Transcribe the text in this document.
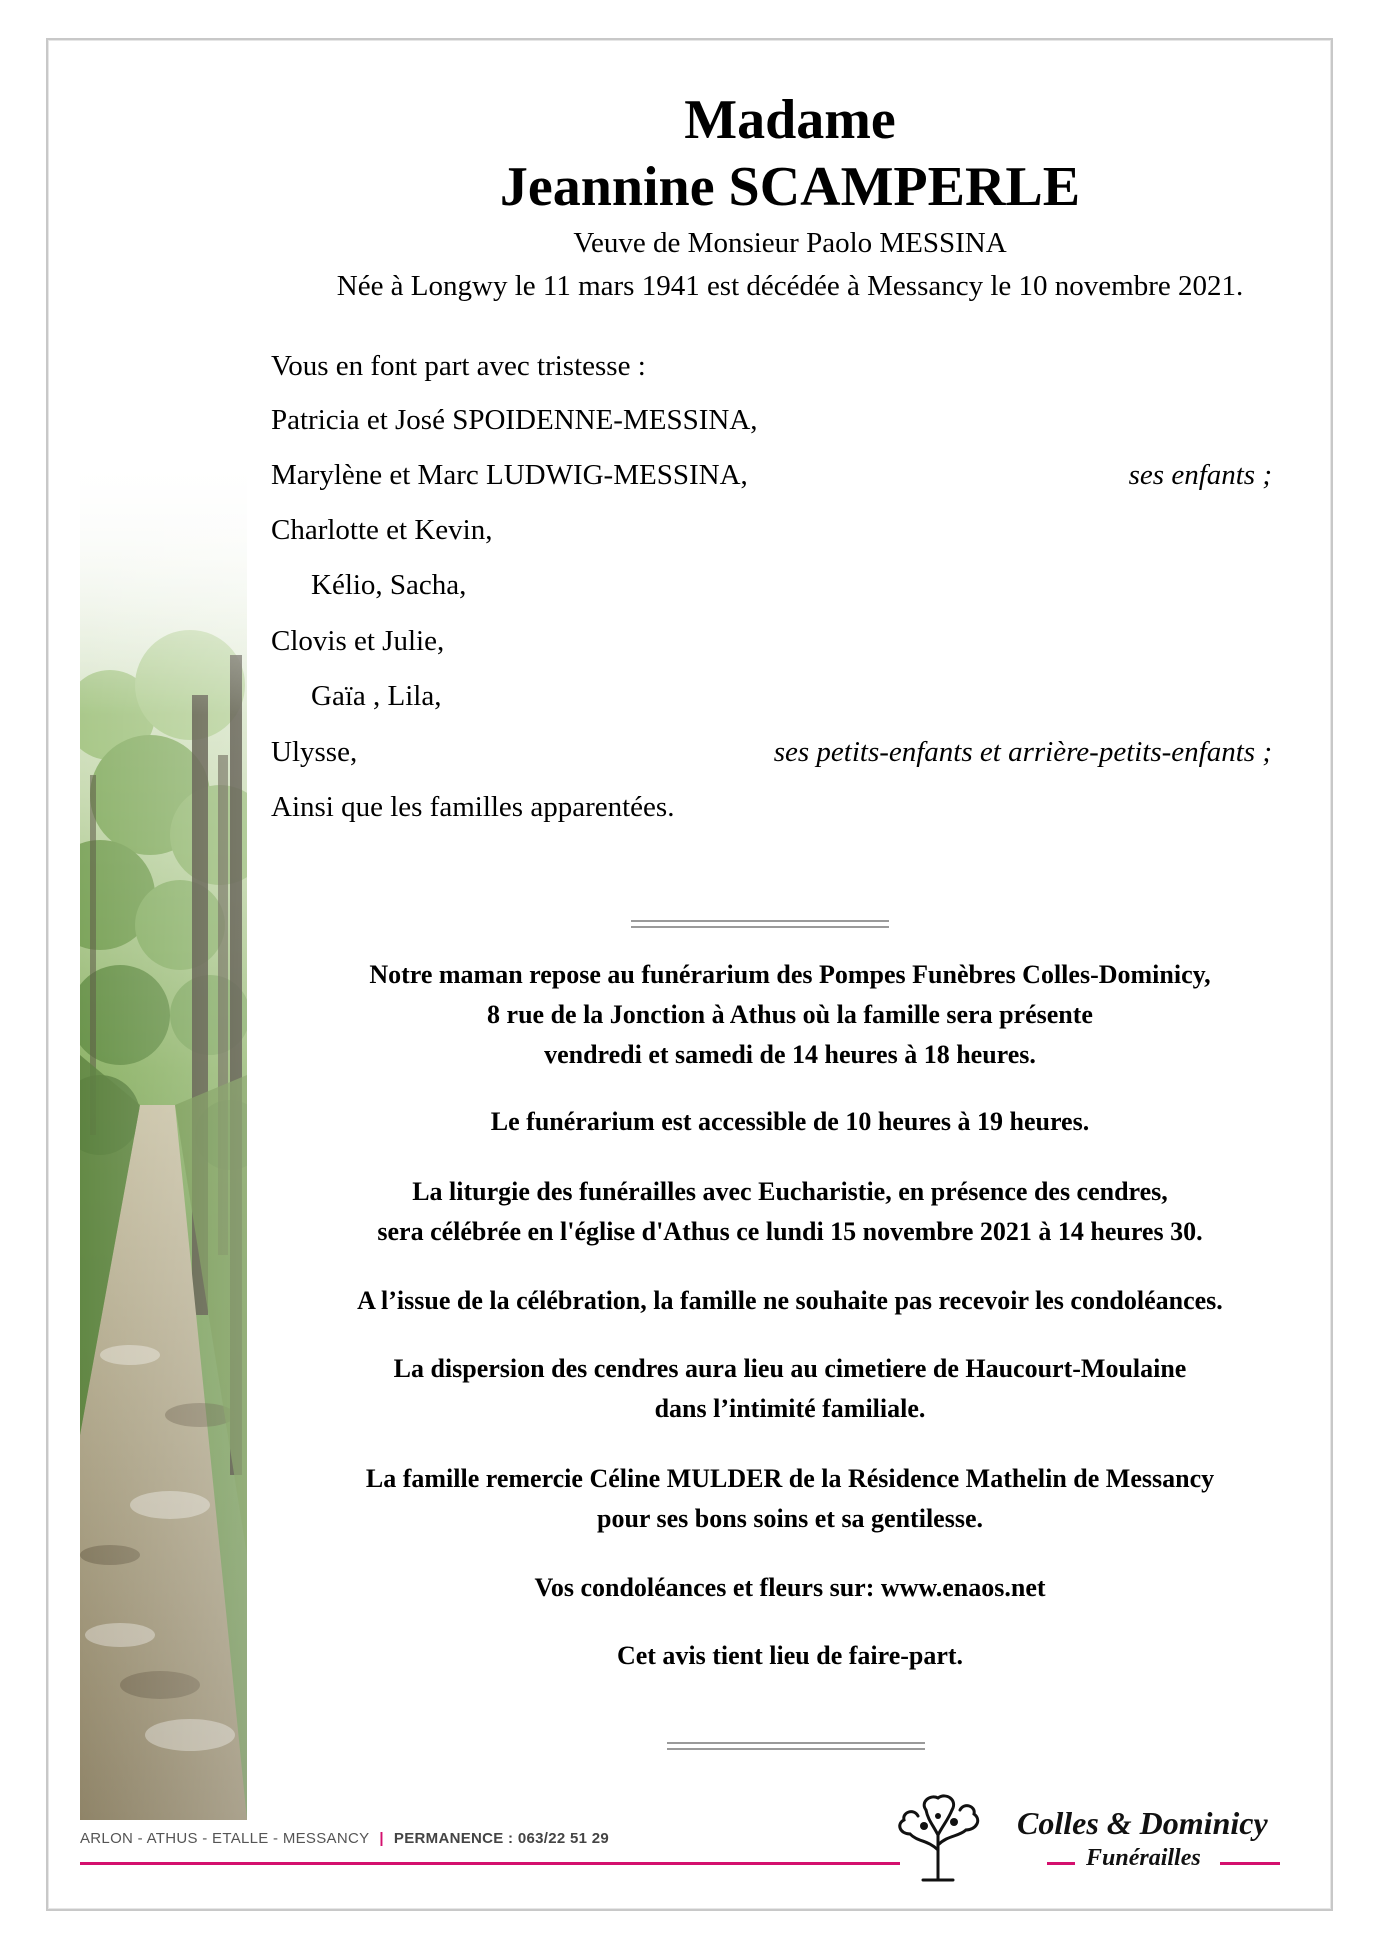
Madame
Jeannine SCAMPERLE
Veuve de Monsieur Paolo MESSINA
Née à Longwy le 11 mars 1941 est décédée à Messancy le 10 novembre 2021.
Vous en font part avec tristesse :
Patricia et José SPOIDENNE-MESSINA,
Marylène et Marc LUDWIG-MESSINA,	ses enfants ;
Charlotte et Kevin,
Kélio, Sacha,
Clovis et Julie,
Gaïa , Lila,
Ulysse,	ses petits-enfants et arrière-petits-enfants ;
Ainsi que les familles apparentées.
Notre maman repose au funérarium des Pompes Funèbres Colles-Dominicy,
8 rue de la Jonction à Athus où la famille sera présente
vendredi et samedi de 14 heures à 18 heures.
Le funérarium est accessible de 10 heures à 19 heures.
La liturgie des funérailles avec Eucharistie, en présence des cendres,
sera célébrée en l'église d'Athus ce lundi 15 novembre 2021 à 14 heures 30.
A l’issue de la célébration, la famille ne souhaite pas recevoir les condoléances.
La dispersion des cendres aura lieu au cimetiere de Haucourt-Moulaine
dans l’intimité familiale.
La famille remercie Céline MULDER de la Résidence Mathelin de Messancy
pour ses bons soins et sa gentilesse.
Vos condoléances et fleurs sur: www.enaos.net
Cet avis tient lieu de faire-part.
ARLON - ATHUS - ETALLE - MESSANCY | PERMANENCE : 063/22 51 29	Colles & Dominicy
Funérailles
